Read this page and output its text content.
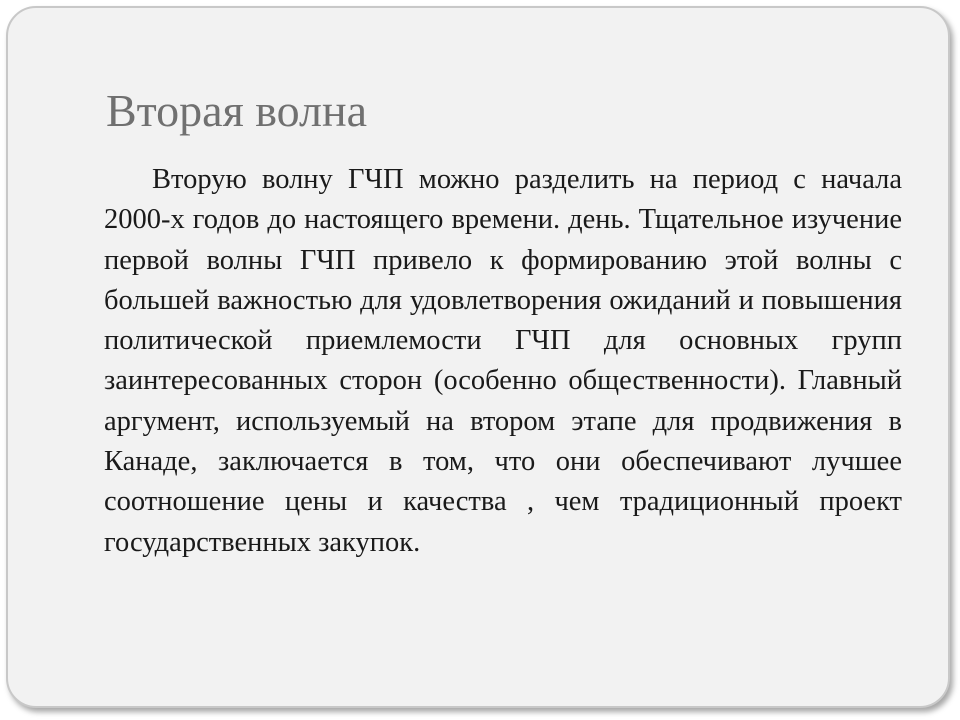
Вторая волна

Вторую волну ГЧП можно разделить на период с начала 2000-х годов до настоящего времени. день. Тщательное изучение первой волны ГЧП привело к формированию этой волны с большей важностью для удовлетворения ожиданий и повышения политической приемлемости ГЧП для основных групп заинтересованных сторон (особенно общественности). Главный аргумент, используемый на втором этапе для продвижения в Канаде, заключается в том, что они обеспечивают лучшее соотношение цены и качества , чем традиционный проект государственных закупок.
